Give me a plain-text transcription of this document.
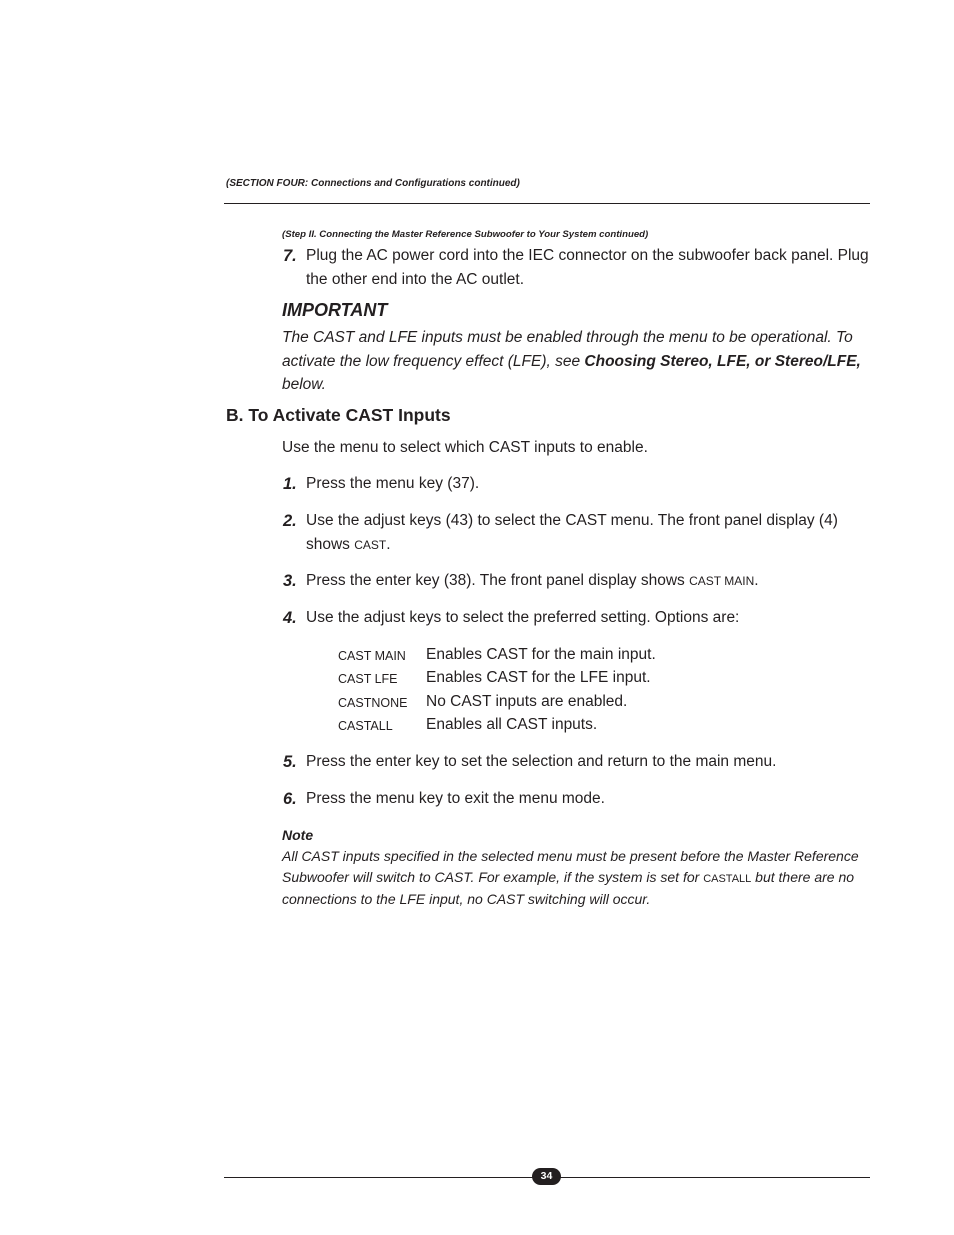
(SECTION FOUR: Connections and Configurations continued)
(Step II. Connecting the Master Reference Subwoofer to Your System continued)
7. Plug the AC power cord into the IEC connector on the subwoofer back panel. Plug the other end into the AC outlet.
IMPORTANT
The CAST and LFE inputs must be enabled through the menu to be operational. To activate the low frequency effect (LFE), see Choosing Stereo, LFE, or Stereo/LFE, below.
B. To Activate CAST Inputs
Use the menu to select which CAST inputs to enable.
1. Press the menu key (37).
2. Use the adjust keys (43) to select the CAST menu. The front panel display (4) shows CAST.
3. Press the enter key (38). The front panel display shows CAST MAIN.
4. Use the adjust keys to select the preferred setting. Options are:
CAST MAIN Enables CAST for the main input.
CAST LFE Enables CAST for the LFE input.
CASTNONE No CAST inputs are enabled.
CASTALL Enables all CAST inputs.
5. Press the enter key to set the selection and return to the main menu.
6. Press the menu key to exit the menu mode.
Note
All CAST inputs specified in the selected menu must be present before the Master Reference Subwoofer will switch to CAST. For example, if the system is set for CASTALL but there are no connections to the LFE input, no CAST switching will occur.
34
